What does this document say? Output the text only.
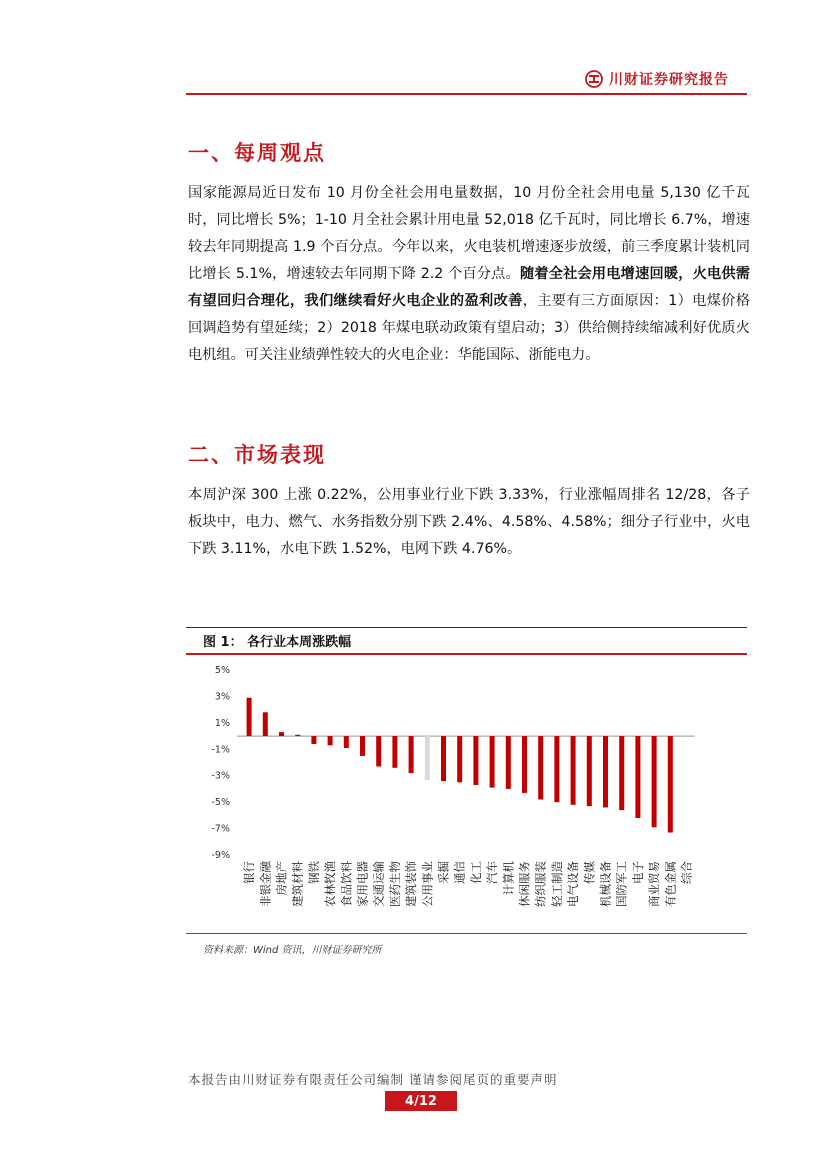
川财证券研究报告
一、每周观点

国家能源局近日发布 10 月份全社会用电量数据，10 月份全社会用电量 5,130 亿千瓦时，同比增长 5%；1-10 月全社会累计用电量 52,018 亿千瓦时，同比增长 6.7%，增速较去年同期提高 1.9 个百分点。今年以来，火电装机增速逐步放缓，前三季度累计装机同比增长 5.1%，增速较去年同期下降 2.2 个百分点。随着全社会用电增速回暖，火电供需有望回归合理化，我们继续看好火电企业的盈利改善，主要有三方面原因：1）电煤价格回调趋势有望延续；2）2018 年煤电联动政策有望启动；3）供给侧持续缩减利好优质火电机组。可关注业绩弹性较大的火电企业：华能国际、浙能电力。

二、市场表现

本周沪深 300 上涨 0.22%，公用事业行业下跌 3.33%，行业涨幅周排名 12/28，各子板块中，电力、燃气、水务指数分别下跌 2.4%、4.58%、4.58%；细分子行业中，火电下跌 3.11%，水电下跌 1.52%，电网下跌 4.76%。

图 1： 各行业本周涨跌幅
5%
3%
1%
-1%
-3%
-5%
-7%
-9%
银行 非银金融 房地产 建筑材料 钢铁 农林牧渔 食品饮料 家用电器 交通运输 医药生物 建筑装饰 公用事业 采掘 通信 化工 汽车 计算机 休闲服务 纺织服装 轻工制造 电气设备 传媒 机械设备 国防军工 电子 商业贸易 有色金属 综合
资料来源：Wind 资讯，川财证券研究所
本报告由川财证券有限责任公司编制 谨请参阅尾页的重要声明
4/12
